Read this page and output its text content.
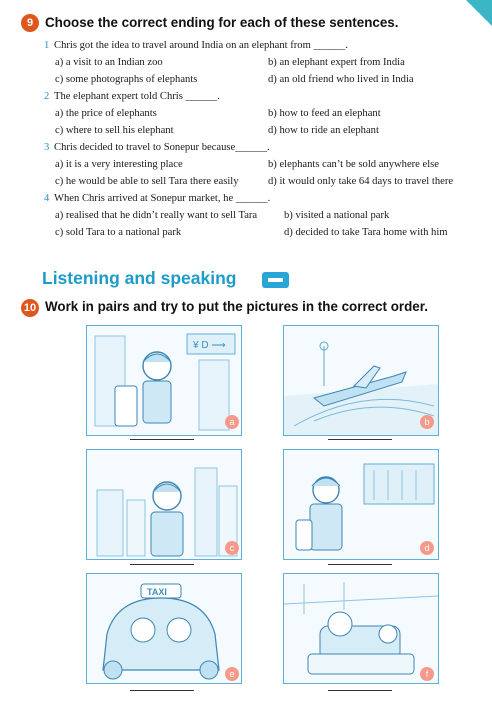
9 Choose the correct ending for each of these sentences.
1 Chris got the idea to travel around India on an elephant from ______.
a) a visit to an Indian zoo	b) an elephant expert from India
c) some photographs of elephants	d) an old friend who lived in India
2 The elephant expert told Chris ______.
a) the price of elephants	b) how to feed an elephant
c) where to sell his elephant	d) how to ride an elephant
3 Chris decided to travel to Sonepur because______.
a) it is a very interesting place	b) elephants can’t be sold anywhere else
c) he would be able to sell Tara there easily	d) it would only take 64 days to travel there
4 When Chris arrived at Sonepur market, he ______.
a) realised that he didn’t really want to sell Tara	b) visited a national park
c) sold Tara to a national park	d) decided to take Tara home with him
Listening and speaking
10 Work in pairs and try to put the pictures in the correct order.
¥ D ⟶
a	b
c	d
TAXI
e	f
